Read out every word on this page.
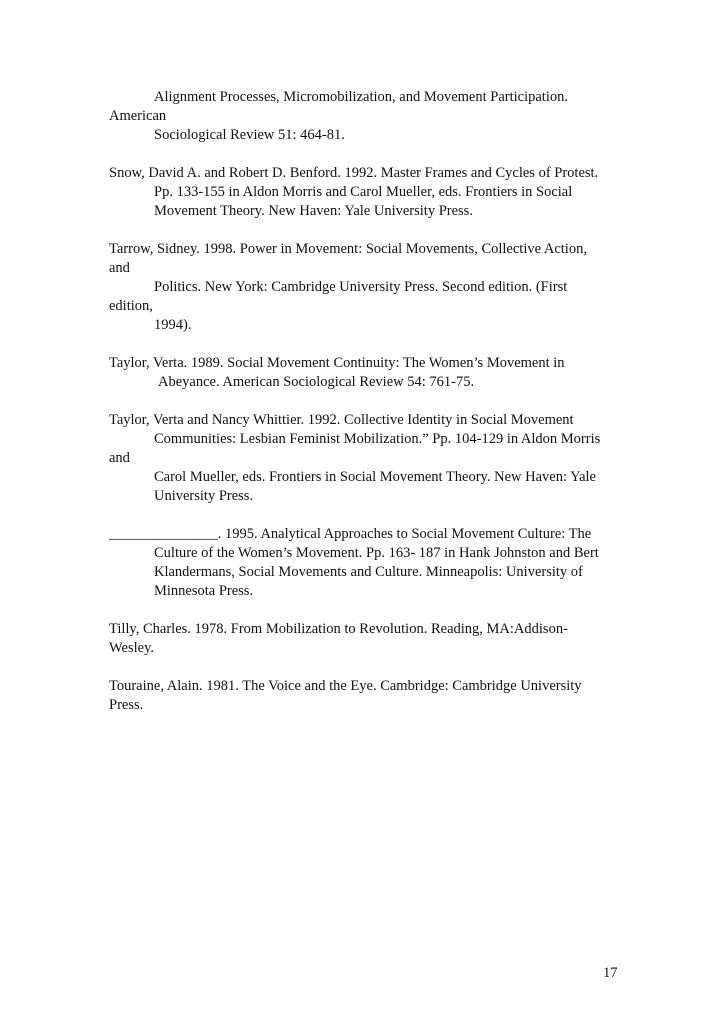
Alignment Processes, Micromobilization, and Movement Participation.
American
Sociological Review 51: 464-81.
Snow, David A. and Robert D. Benford. 1992. Master Frames and Cycles of Protest.
Pp. 133-155 in Aldon Morris and Carol Mueller, eds. Frontiers in Social
Movement Theory. New Haven: Yale University Press.
Tarrow, Sidney. 1998. Power in Movement: Social Movements, Collective Action,
and
Politics. New York: Cambridge University Press. Second edition. (First
edition,
1994).
Taylor, Verta. 1989. Social Movement Continuity: The Women’s Movement in
Abeyance. American Sociological Review 54: 761-75.
Taylor, Verta and Nancy Whittier. 1992. Collective Identity in Social Movement
Communities: Lesbian Feminist Mobilization.” Pp. 104-129 in Aldon Morris
and
Carol Mueller, eds. Frontiers in Social Movement Theory. New Haven: Yale
University Press.
_______________. 1995. Analytical Approaches to Social Movement Culture: The
Culture of the Women’s Movement. Pp. 163- 187 in Hank Johnston and Bert
Klandermans, Social Movements and Culture. Minneapolis: University of
Minnesota Press.
Tilly, Charles. 1978. From Mobilization to Revolution. Reading, MA:Addison-
Wesley.
Touraine, Alain. 1981. The Voice and the Eye. Cambridge: Cambridge University
Press.
17
